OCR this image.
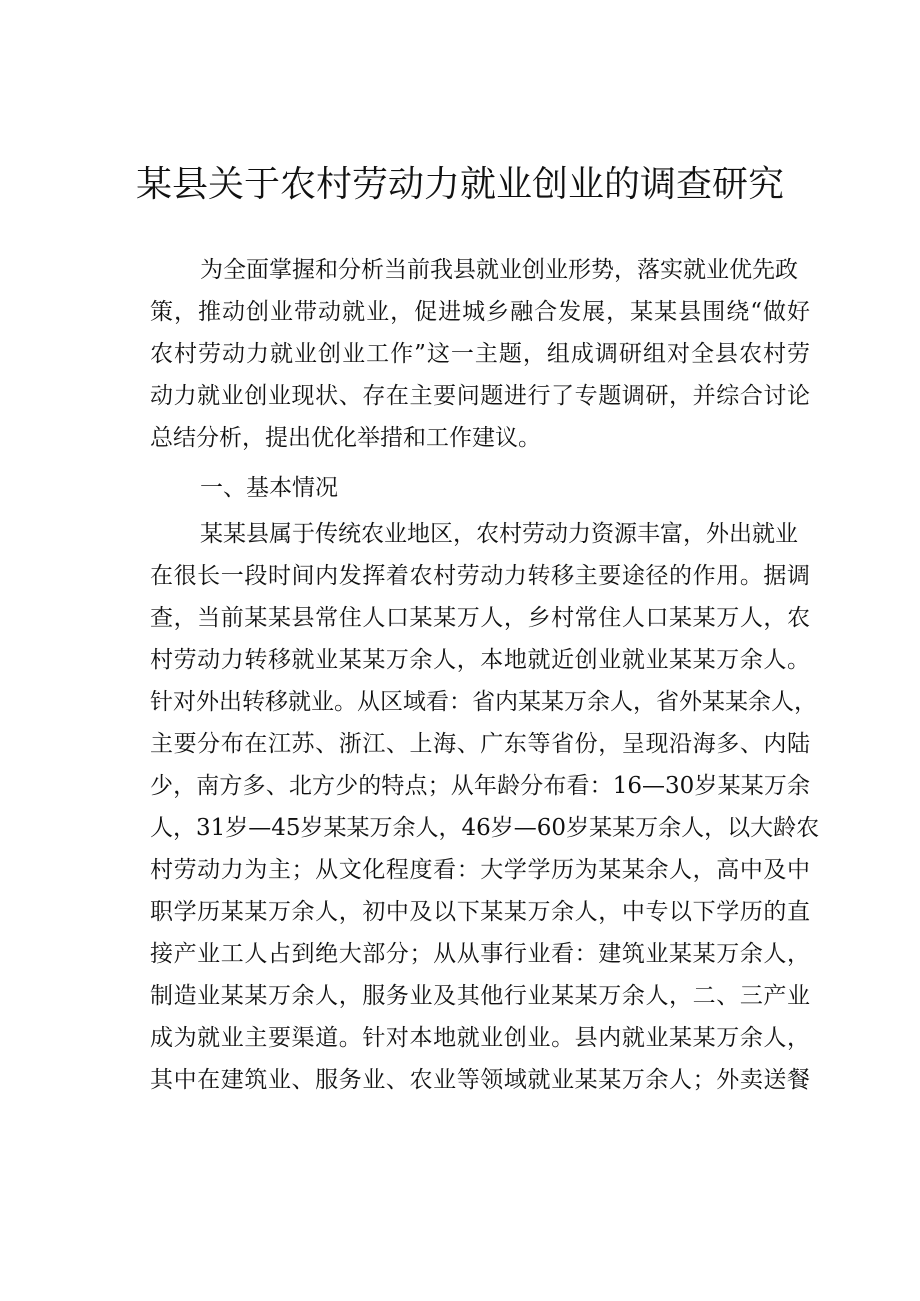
某县关于农村劳动力就业创业的调查研究
为全面掌握和分析当前我县就业创业形势，落实就业优先政
策，推动创业带动就业，促进城乡融合发展，某某县围绕“做好
农村劳动力就业创业工作”这一主题，组成调研组对全县农村劳
动力就业创业现状、存在主要问题进行了专题调研，并综合讨论
总结分析，提出优化举措和工作建议。
一、基本情况
某某县属于传统农业地区，农村劳动力资源丰富，外出就业
在很长一段时间内发挥着农村劳动力转移主要途径的作用。据调
查，当前某某县常住人口某某万人，乡村常住人口某某万人，农
村劳动力转移就业某某万余人，本地就近创业就业某某万余人。
针对外出转移就业。从区域看：省内某某万余人，省外某某余人，
主要分布在江苏、浙江、上海、广东等省份，呈现沿海多、内陆
少，南方多、北方少的特点；从年龄分布看：16—30岁某某万余
人，31岁—45岁某某万余人，46岁—60岁某某万余人，以大龄农
村劳动力为主；从文化程度看：大学学历为某某余人，高中及中
职学历某某万余人，初中及以下某某万余人，中专以下学历的直
接产业工人占到绝大部分；从从事行业看：建筑业某某万余人，
制造业某某万余人，服务业及其他行业某某万余人，二、三产业
成为就业主要渠道。针对本地就业创业。县内就业某某万余人，
其中在建筑业、服务业、农业等领域就业某某万余人；外卖送餐
